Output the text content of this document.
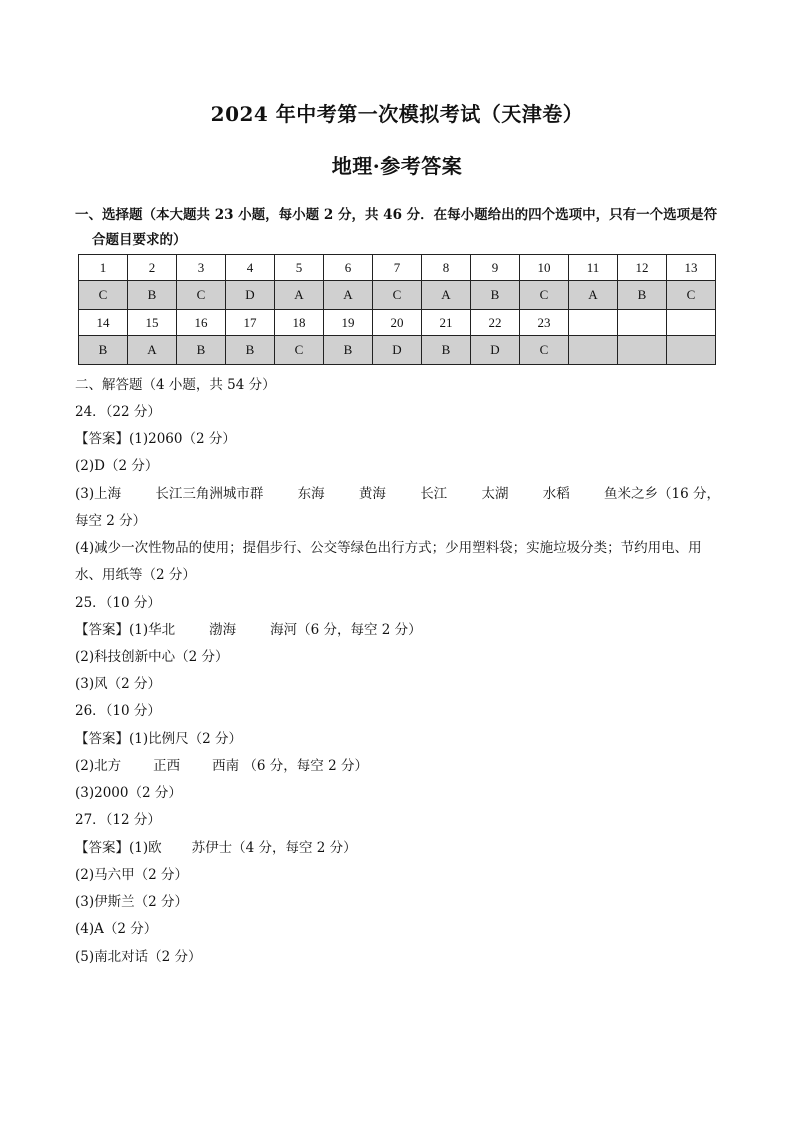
2024 年中考第一次模拟考试（天津卷）
地理·参考答案
一、选择题（本大题共 23 小题，每小题 2 分，共 46 分．在每小题给出的四个选项中，只有一个选项是符
合题目要求的）
1	2	3	4	5	6	7	8	9	10	11	12	13
C	B	C	D	A	A	C	A	B	C	A	B	C
14	15	16	17	18	19	20	21	22	23			
B	A	B	B	C	B	D	B	D	C			
二、解答题（4 小题，共 54 分）
24．（22 分）
【答案】(1)2060（2 分）
(2)D（2 分）
(3)上海	长江三角洲城市群	东海	黄海	长江	太湖	水稻	鱼米之乡（16 分，
每空 2 分）
(4)减少一次性物品的使用；提倡步行、公交等绿色出行方式；少用塑料袋；实施垃圾分类；节约用电、用
水、用纸等（2 分）
25．（10 分）
【答案】(1)华北	渤海	海河（6 分，每空 2 分）
(2)科技创新中心（2 分）
(3)风（2 分）
26．（10 分）
【答案】(1)比例尺（2 分）
(2)北方 正西 西南 （6 分，每空 2 分）
(3)2000（2 分）
27．（12 分）
【答案】(1)欧 苏伊士（4 分，每空 2 分）
(2)马六甲（2 分）
(3)伊斯兰（2 分）
(4)A（2 分）
(5)南北对话（2 分）
